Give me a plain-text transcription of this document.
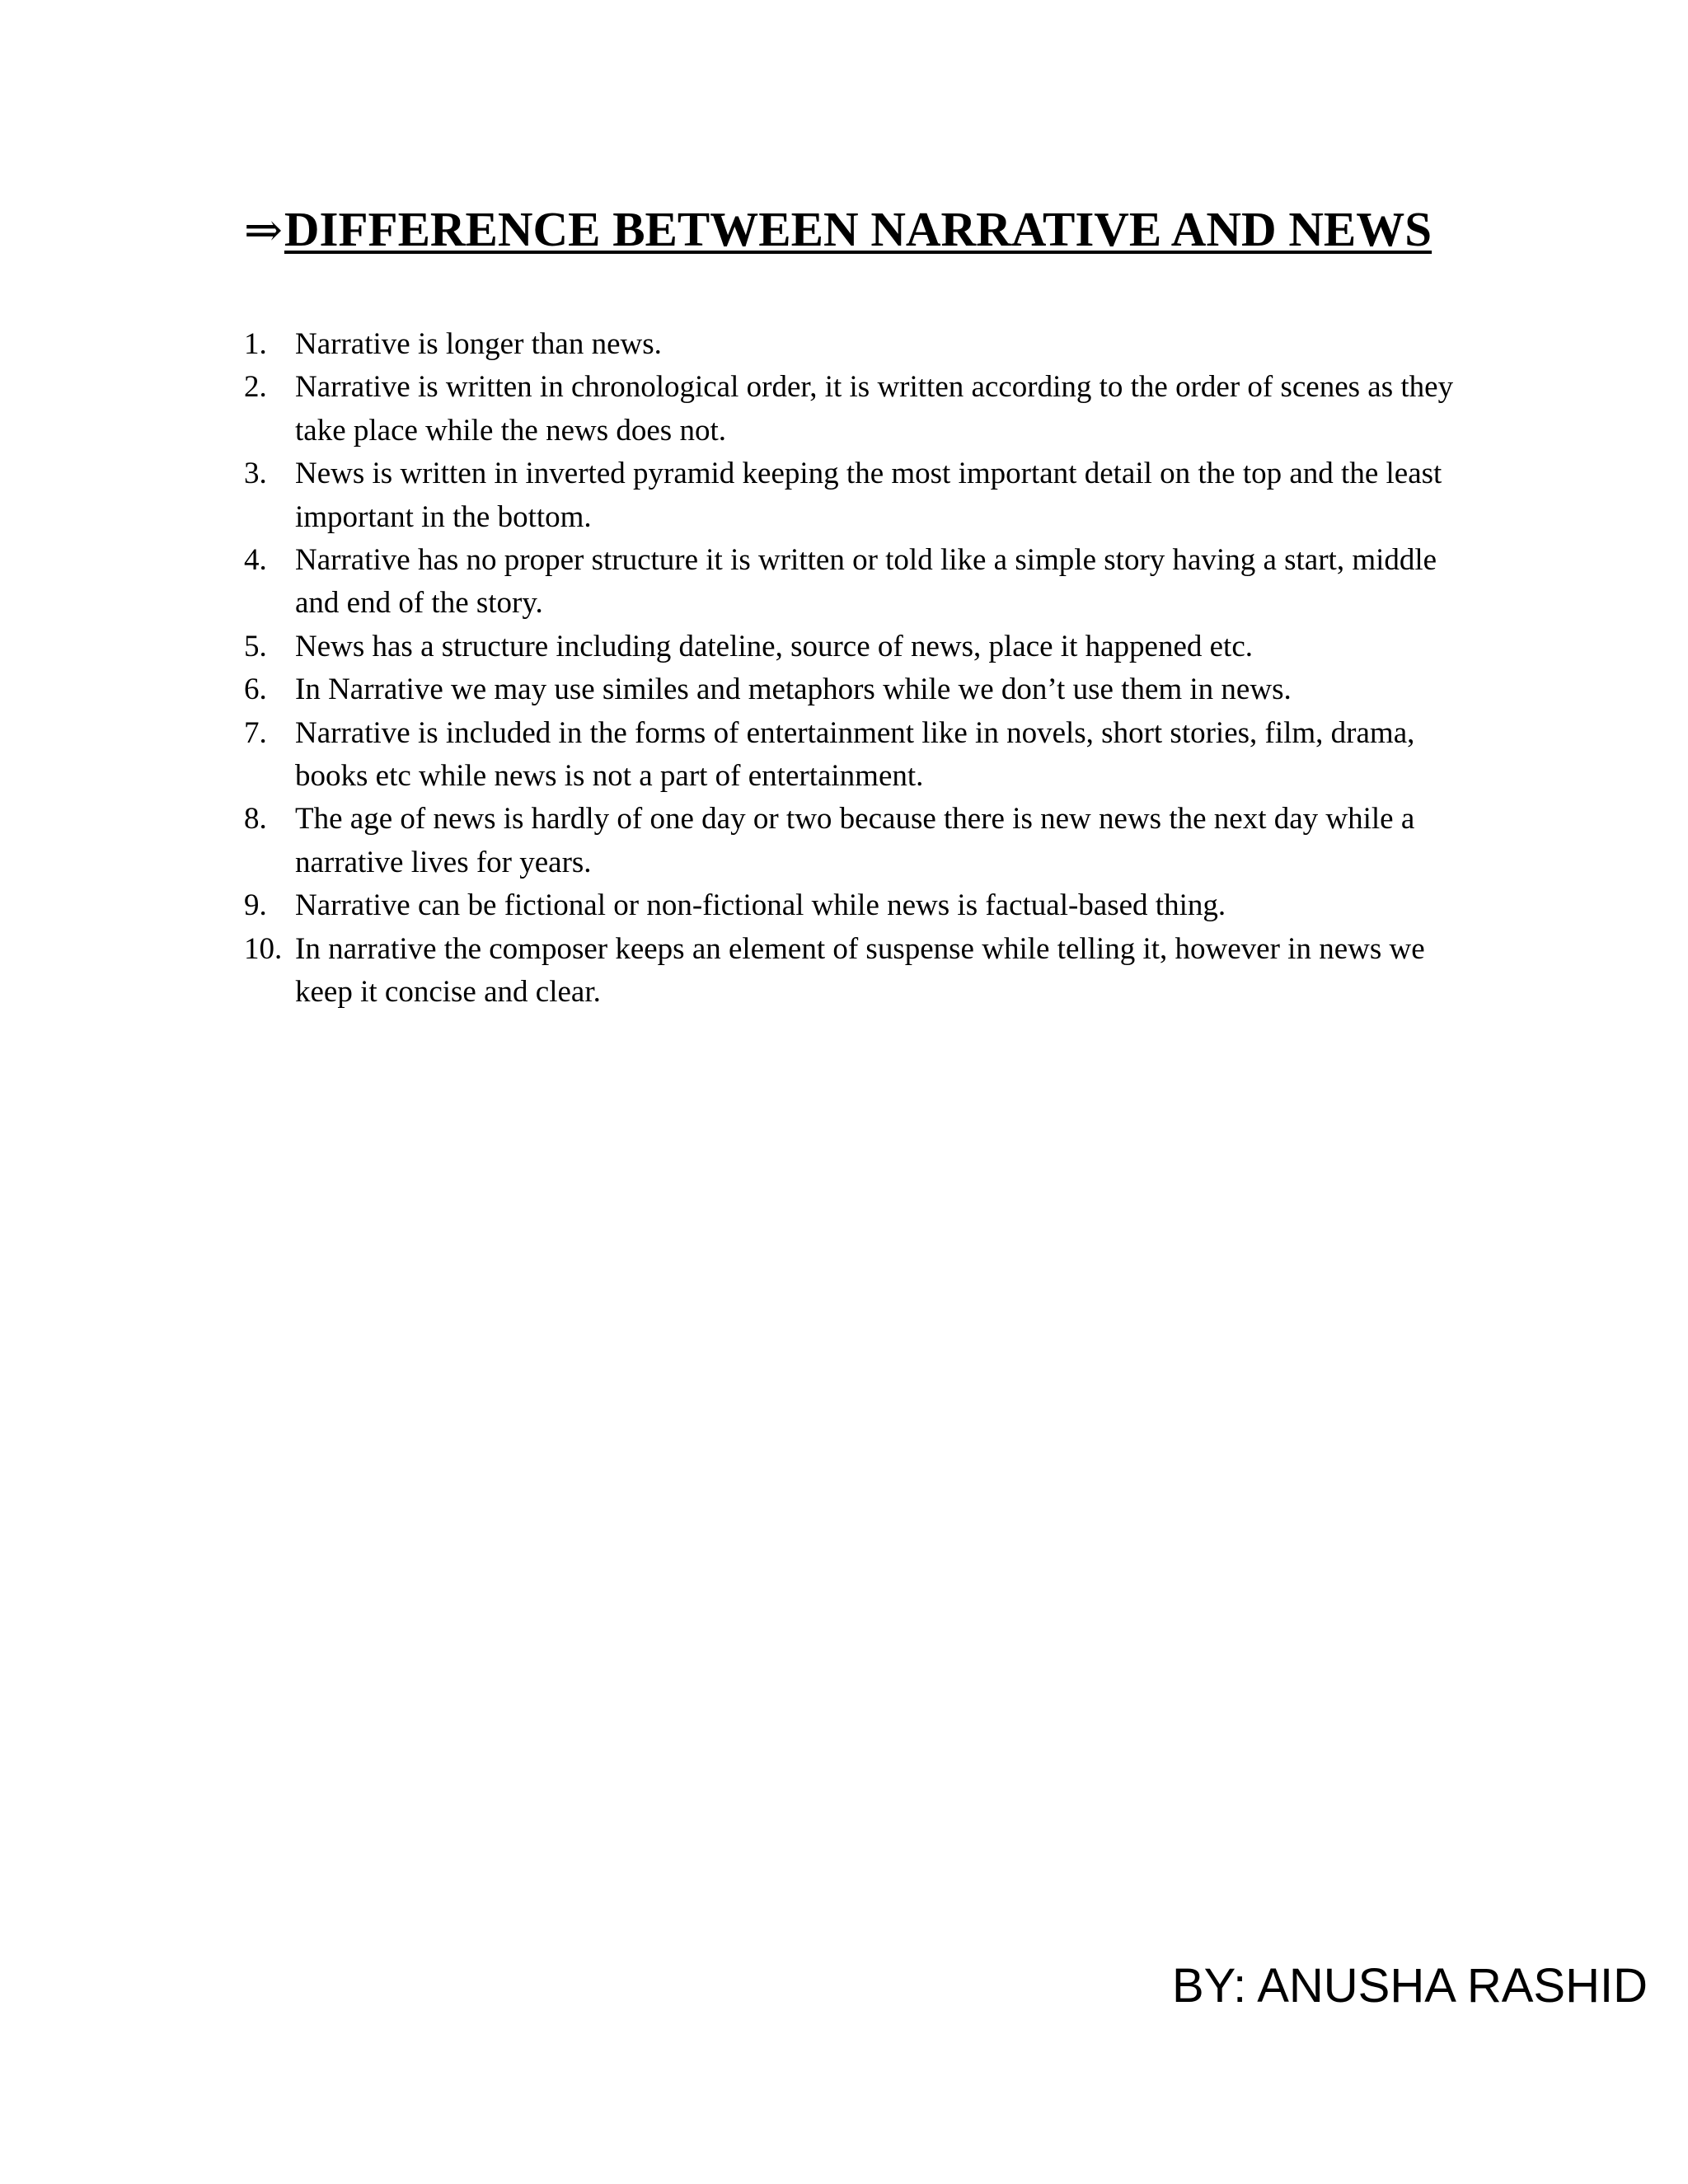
⇒DIFFERENCE BETWEEN NARRATIVE AND NEWS
1. Narrative is longer than news.
2. Narrative is written in chronological order, it is written according to the order of scenes as they take place while the news does not.
3. News is written in inverted pyramid keeping the most important detail on the top and the least important in the bottom.
4. Narrative has no proper structure it is written or told like a simple story having a start, middle and end of the story.
5. News has a structure including dateline, source of news, place it happened etc.
6. In Narrative we may use similes and metaphors while we don’t use them in news.
7. Narrative is included in the forms of entertainment like in novels, short stories, film, drama, books etc while news is not a part of entertainment.
8. The age of news is hardly of one day or two because there is new news the next day while a narrative lives for years.
9. Narrative can be fictional or non-fictional while news is factual-based thing.
10. In narrative the composer keeps an element of suspense while telling it, however in news we keep it concise and clear.
BY: ANUSHA RASHID
